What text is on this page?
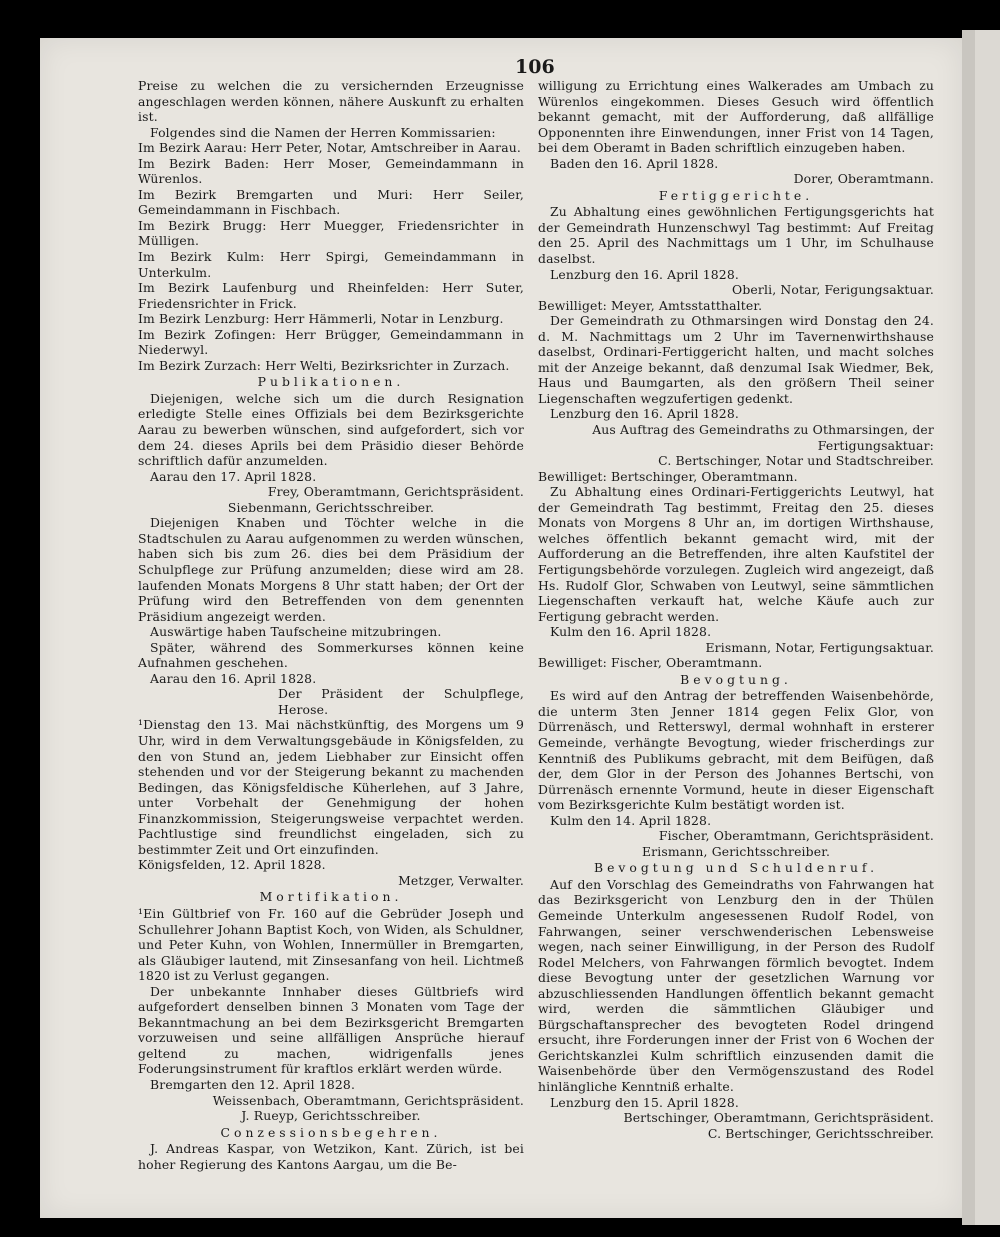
106

Preise zu welchen die zu versichernden Erzeugnisse angeschlagen werden können, nähere Auskunft zu erhalten ist.

Folgendes sind die Namen der Herren Kommissarien:

Im Bezirk Aarau: Herr Peter, Notar, Amtschreiber in Aarau.

Im Bezirk Baden: Herr Moser, Gemeindammann in Würenlos.

Im Bezirk Bremgarten und Muri: Herr Seiler, Gemeindammann in Fischbach.

Im Bezirk Brugg: Herr Muegger, Friedensrichter in Mülligen.

Im Bezirk Kulm: Herr Spirgi, Gemeindammann in Unterkulm.

Im Bezirk Laufenburg und Rheinfelden: Herr Suter, Friedensrichter in Frick.

Im Bezirk Lenzburg: Herr Hämmerli, Notar in Lenzburg.

Im Bezirk Zofingen: Herr Brügger, Gemeindammann in Niederwyl.

Im Bezirk Zurzach: Herr Welti, Bezirksrichter in Zurzach.

Publikationen.

Diejenigen, welche sich um die durch Resignation erledigte Stelle eines Offizials bei dem Bezirksgerichte Aarau zu bewerben wünschen, sind aufgefordert, sich vor dem 24. dieses Aprils bei dem Präsidio dieser Behörde schriftlich dafür anzumelden.

Aarau den 17. April 1828.

Frey, Oberamtmann, Gerichtspräsident.

Siebenmann, Gerichtsschreiber.

Diejenigen Knaben und Töchter welche in die Stadtschulen zu Aarau aufgenommen zu werden wünschen, haben sich bis zum 26. dies bei dem Präsidium der Schulpflege zur Prüfung anzumelden; diese wird am 28. laufenden Monats Morgens 8 Uhr statt haben; der Ort der Prüfung wird den Betreffenden von dem genennten Präsidium angezeigt werden.

Auswärtige haben Taufscheine mitzubringen.

Später, während des Sommerkurses können keine Aufnahmen geschehen.

Aarau den 16. April 1828.

Der Präsident der Schulpflege, Herose.

¹Dienstag den 13. Mai nächstkünftig, des Morgens um 9 Uhr, wird in dem Verwaltungsgebäude in Königsfelden, zu den von Stund an, jedem Liebhaber zur Einsicht offen stehenden und vor der Steigerung bekannt zu machenden Bedingen, das Königsfeldische Küherlehen, auf 3 Jahre, unter Vorbehalt der Genehmigung der hohen Finanzkommission, Steigerungsweise verpachtet werden. Pachtlustige sind freundlichst eingeladen, sich zu bestimmter Zeit und Ort einzufinden.

Königsfelden, 12. April 1828.

Metzger, Verwalter.

Mortifikation.

¹Ein Gültbrief von Fr. 160 auf die Gebrüder Joseph und Schullehrer Johann Baptist Koch, von Widen, als Schuldner, und Peter Kuhn, von Wohlen, Innermüller in Bremgarten, als Gläubiger lautend, mit Zinsesanfang von heil. Lichtmeß 1820 ist zu Verlust gegangen.

Der unbekannte Innhaber dieses Gültbriefs wird aufgefordert denselben binnen 3 Monaten vom Tage der Bekanntmachung an bei dem Bezirksgericht Bremgarten vorzuweisen und seine allfälligen Ansprüche hierauf geltend zu machen, widrigenfalls jenes Foderungsinstrument für kraftlos erklärt werden würde.

Bremgarten den 12. April 1828.

Weissenbach, Oberamtmann, Gerichtspräsident.

J. Rueyp, Gerichtsschreiber.

Conzessionsbegehren.

J. Andreas Kaspar, von Wetzikon, Kant. Zürich, ist bei hoher Regierung des Kantons Aargau, um die Be-

willigung zu Errichtung eines Walkerades am Umbach zu Würenlos eingekommen. Dieses Gesuch wird öffentlich bekannt gemacht, mit der Aufforderung, daß allfällige Opponennten ihre Einwendungen, inner Frist von 14 Tagen, bei dem Oberamt in Baden schriftlich einzugeben haben.

Baden den 16. April 1828.

Dorer, Oberamtmann.

Fertiggerichte.

Zu Abhaltung eines gewöhnlichen Fertigungsgerichts hat der Gemeindrath Hunzenschwyl Tag bestimmt: Auf Freitag den 25. April des Nachmittags um 1 Uhr, im Schulhause daselbst.

Lenzburg den 16. April 1828.

Oberli, Notar, Ferigungsaktuar.

Bewilliget: Meyer, Amtsstatthalter.

Der Gemeindrath zu Othmarsingen wird Donstag den 24. d. M. Nachmittags um 2 Uhr im Tavernenwirthshause daselbst, Ordinari-Fertiggericht halten, und macht solches mit der Anzeige bekannt, daß denzumal Isak Wiedmer, Bek, Haus und Baumgarten, als den größern Theil seiner Liegenschaften wegzufertigen gedenkt.

Lenzburg den 16. April 1828.

Aus Auftrag des Gemeindraths zu Othmarsingen, der Fertigungsaktuar:

C. Bertschinger, Notar und Stadtschreiber.

Bewilliget: Bertschinger, Oberamtmann.

Zu Abhaltung eines Ordinari-Fertiggerichts Leutwyl, hat der Gemeindrath Tag bestimmt, Freitag den 25. dieses Monats von Morgens 8 Uhr an, im dortigen Wirthshause, welches öffentlich bekannt gemacht wird, mit der Aufforderung an die Betreffenden, ihre alten Kaufstitel der Fertigungsbehörde vorzulegen. Zugleich wird angezeigt, daß Hs. Rudolf Glor, Schwaben von Leutwyl, seine sämmtlichen Liegenschaften verkauft hat, welche Käufe auch zur Fertigung gebracht werden.

Kulm den 16. April 1828.

Erismann, Notar, Fertigungsaktuar.

Bewilliget: Fischer, Oberamtmann.

Bevogtung.

Es wird auf den Antrag der betreffenden Waisenbehörde, die unterm 3ten Jenner 1814 gegen Felix Glor, von Dürrenäsch, und Retterswyl, dermal wohnhaft in ersterer Gemeinde, verhängte Bevogtung, wieder frischerdings zur Kenntniß des Publikums gebracht, mit dem Beifügen, daß der, dem Glor in der Person des Johannes Bertschi, von Dürrenäsch ernennte Vormund, heute in dieser Eigenschaft vom Bezirksgerichte Kulm bestätigt worden ist.

Kulm den 14. April 1828.

Fischer, Oberamtmann, Gerichtspräsident.

Erismann, Gerichtsschreiber.

Bevogtung und Schuldenruf.

Auf den Vorschlag des Gemeindraths von Fahrwangen hat das Bezirksgericht von Lenzburg den in der Thülen Gemeinde Unterkulm angesessenen Rudolf Rodel, von Fahrwangen, seiner verschwenderischen Lebensweise wegen, nach seiner Einwilligung, in der Person des Rudolf Rodel Melchers, von Fahrwangen förmlich bevogtet. Indem diese Bevogtung unter der gesetzlichen Warnung vor abzuschliessenden Handlungen öffentlich bekannt gemacht wird, werden die sämmtlichen Gläubiger und Bürgschaftansprecher des bevogteten Rodel dringend ersucht, ihre Forderungen inner der Frist von 6 Wochen der Gerichtskanzlei Kulm schriftlich einzusenden damit die Waisenbehörde über den Vermögenszustand des Rodel hinlängliche Kenntniß erhalte.

Lenzburg den 15. April 1828.

Bertschinger, Oberamtmann, Gerichtspräsident.

C. Bertschinger, Gerichtsschreiber.
